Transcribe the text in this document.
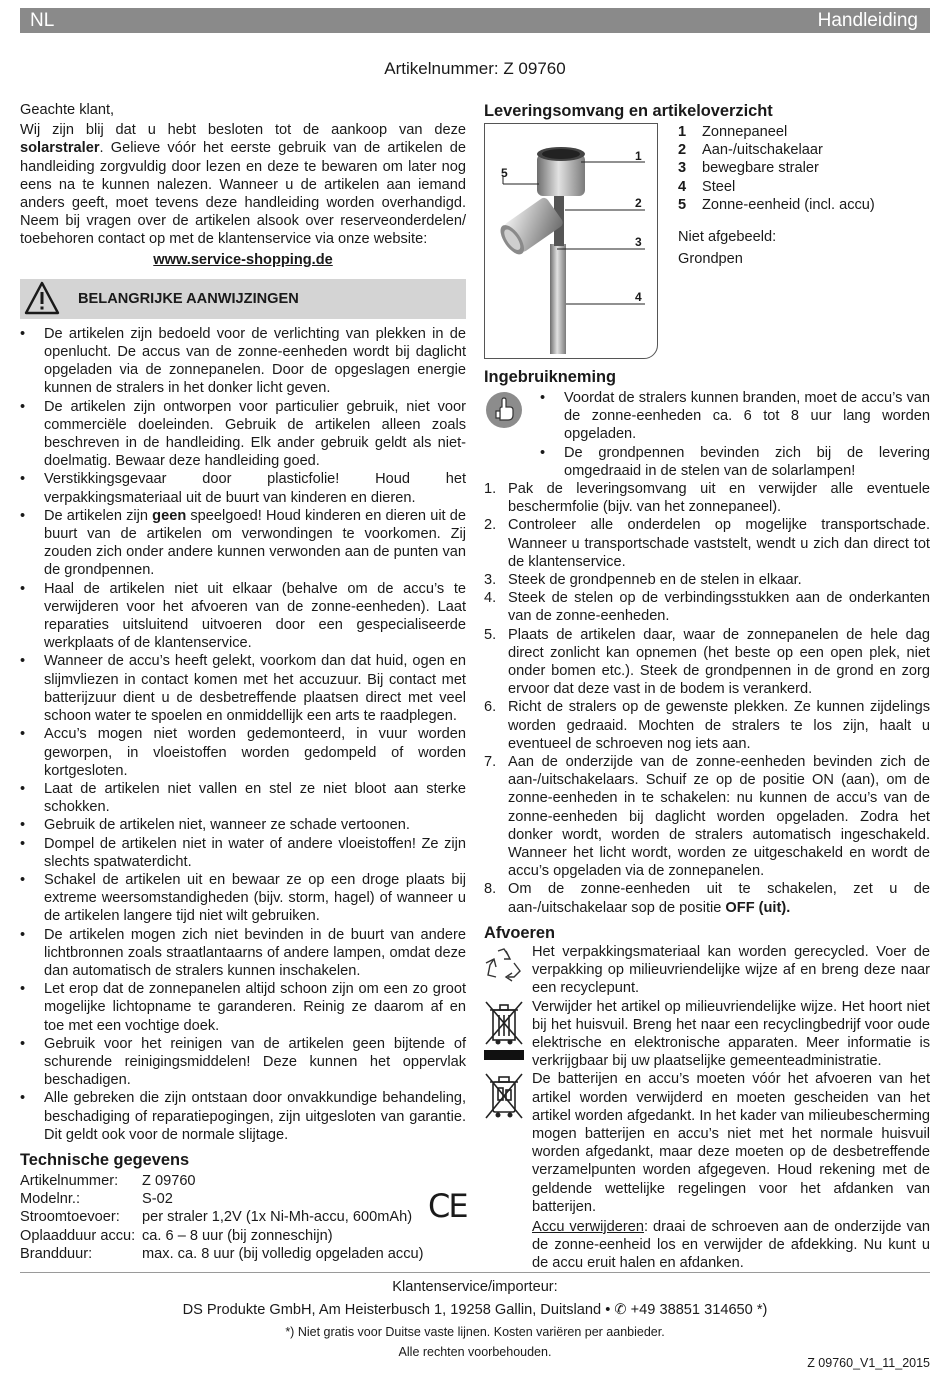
NL	Handleiding
Artikelnummer: Z 09760

Geachte klant,

Wij zijn blij dat u hebt besloten tot de aankoop van deze solarstraler. Gelieve vóór het eerste gebruik van de artikelen de handleiding zorgvuldig door lezen en deze te bewaren om later nog eens na te kunnen nalezen. Wanneer u de artikelen aan iemand anders geeft, moet tevens deze handleiding worden overhandigd. Neem bij vragen over de artikelen alsook over reserveonderdelen/ toebehoren contact op met de klantenservice via onze website:

www.service-shopping.de

BELANGRIJKE AANWIJZINGEN
• De artikelen zijn bedoeld voor de verlichting van plekken in de openlucht. De accus van de zonne-eenheden wordt bij daglicht opgeladen via de zonnepanelen. Door de opgeslagen energie kunnen de stralers in het donker licht geven.
• De artikelen zijn ontworpen voor particulier gebruik, niet voor commerciële doeleinden. Gebruik de artikelen alleen zoals beschreven in de handleiding. Elk ander gebruik geldt als niet-doelmatig. Bewaar deze handleiding goed.
• Verstikkingsgevaar door plasticfolie! Houd het verpakkingsmateriaal uit de buurt van kinderen en dieren.
• De artikelen zijn geen speelgoed! Houd kinderen en dieren uit de buurt van de artikelen om verwondingen te voorkomen. Zij zouden zich onder andere kunnen verwonden aan de punten van de grondpennen.
• Haal de artikelen niet uit elkaar (behalve om de accu’s te verwijderen voor het afvoeren van de zonne-eenheden). Laat reparaties uitsluitend uitvoeren door een gespecialiseerde werkplaats of de klantenservice.
• Wanneer de accu’s heeft gelekt, voorkom dan dat huid, ogen en slijmvliezen in contact komen met het accuzuur. Bij contact met batterijzuur dient u de desbetreffende plaatsen direct met veel schoon water te spoelen en onmiddellijk een arts te raadplegen.
• Accu’s mogen niet worden gedemonteerd, in vuur worden geworpen, in vloeistoffen worden gedompeld of worden kortgesloten.
• Laat de artikelen niet vallen en stel ze niet bloot aan sterke schokken.
• Gebruik de artikelen niet, wanneer ze schade vertoonen.
• Dompel de artikelen niet in water of andere vloeistoffen! Ze zijn slechts spatwaterdicht.
• Schakel de artikelen uit en bewaar ze op een droge plaats bij extreme weersomstandigheden (bijv. storm, hagel) of wanneer u de artikelen langere tijd niet wilt gebruiken.
• De artikelen mogen zich niet bevinden in de buurt van andere lichtbronnen zoals straatlantaarns of andere lampen, omdat deze dan automatisch de stralers kunnen inschakelen.
• Let erop dat de zonnepanelen altijd schoon zijn om een zo groot mogelijke lichtopname te garanderen. Reinig ze daarom af en toe met een vochtige doek.
• Gebruik voor het reinigen van de artikelen geen bijtende of schurende reinigingsmiddelen! Deze kunnen het oppervlak beschadigen.
• Alle gebreken die zijn ontstaan door onvakkundige behandeling, beschadiging of reparatiepogingen, zijn uitgesloten van garantie. Dit geldt ook voor de normale slijtage.
Technische gegevens
Artikelnummer:	Z 09760
Modelnr.:	S-02
Stroomtoevoer:	per straler 1,2V (1x Ni-Mh-accu, 600mAh)
Oplaadduur accu: ca. 6 – 8 uur (bij zonneschijn)
Brandduur:	max. ca. 8 uur (bij volledig opgeladen accu)
CE
Leveringsomvang en artikeloverzicht
1
2
3
4
5
1	Zonnepaneel
2	Aan-/uitschakelaar
3	bewegbare straler
4	Steel
5	Zonne-eenheid (incl. accu)
Niet afgebeeld:
Grondpen
Ingebruikneming
• Voordat de stralers kunnen branden, moet de accu’s van de zonne-eenheden ca. 6 tot 8 uur lang worden opgeladen.
• De grondpennen bevinden zich bij de levering omgedraaid in de stelen van de solarlampen!
1. Pak de leveringsomvang uit en verwijder alle eventuele beschermfolie (bijv. van het zonnepaneel).
2. Controleer alle onderdelen op mogelijke transportschade. Wanneer u transportschade vaststelt, wendt u zich dan direct tot de klantenservice.
3. Steek de grondpenneb en de stelen in elkaar.
4. Steek de stelen op de verbindingsstukken aan de onderkanten van de zonne-eenheden.
5. Plaats de artikelen daar, waar de zonnepanelen de hele dag direct zonlicht kan opnemen (het beste op een open plek, niet onder bomen etc.). Steek de grondpennen in de grond en zorg ervoor dat deze vast in de bodem is verankerd.
6. Richt de stralers op de gewenste plekken. Ze kunnen zijdelings worden gedraaid. Mochten de stralers te los zijn, haalt u eventueel de schroeven nog iets aan.
7. Aan de onderzijde van de zonne-eenheden bevinden zich de aan-/uitschakelaars. Schuif ze op de positie ON (aan), om de zonne-eenheden in te schakelen: nu kunnen de accu’s van de zonne-eenheden bij daglicht worden opgeladen. Zodra het donker wordt, worden de stralers automatisch ingeschakeld. Wanneer het licht wordt, worden ze uitgeschakeld en wordt de accu’s opgeladen via de zonnepanelen.
8. Om de zonne-eenheden uit te schakelen, zet u de aan-/uitschakelaar sop de positie OFF (uit).
Afvoeren
Het verpakkingsmateriaal kan worden gerecycled. Voer de verpakking op milieuvriendelijke wijze af en breng deze naar een recyclepunt.
Verwijder het artikel op milieuvriendelijke wijze. Het hoort niet bij het huisvuil. Breng het naar een recyclingbedrijf voor oude elektrische en elektronische apparaten. Meer informatie is verkrijgbaar bij uw plaatselijke gemeenteadministratie.
De batterijen en accu’s moeten vóór het afvoeren van het artikel worden verwijderd en moeten gescheiden van het artikel worden afgedankt. In het kader van milieubescherming mogen batterijen en accu’s niet met het normale huisvuil worden afgedankt, maar deze moeten op de desbetreffende verzamelpunten worden afgegeven. Houd rekening met de geldende wettelijke regelingen voor het afdanken van batterijen.
Accu verwijderen: draai de schroeven aan de onderzijde van de zonne-eenheid los en verwijder de afdekking. Nu kunt u de accu eruit halen en afdanken.
Klantenservice/importeur:
DS Produkte GmbH, Am Heisterbusch 1, 19258 Gallin, Duitsland • ✆ +49 38851 314650 *)
*) Niet gratis voor Duitse vaste lijnen. Kosten variëren per aanbieder.
Alle rechten voorbehouden.
Z 09760_V1_11_2015
